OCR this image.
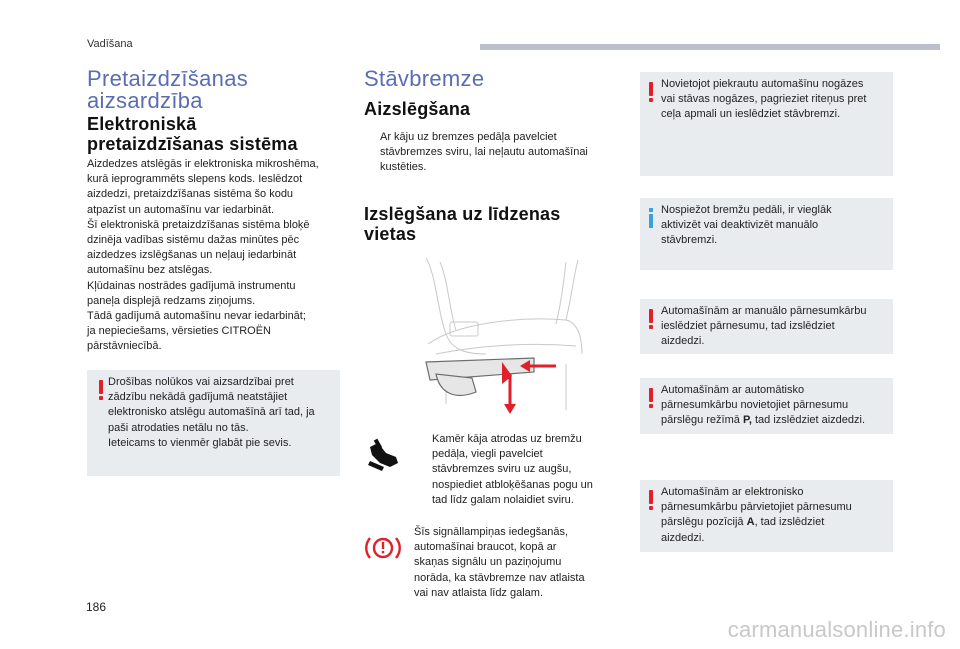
Vadīšana
Pretaizdzīšanas
aizsardzība
Elektroniskā
pretaizdzīšanas sistēma

Aizdedzes atslēgās ir elektroniska mikroshēma,

kurā ieprogrammēts slepens kods. Ieslēdzot

aizdedzi, pretaizdzīšanas sistēma šo kodu

atpazīst un automašīnu var iedarbināt.

Šī elektroniskā pretaizdzīšanas sistēma bloķē

dzinēja vadības sistēmu dažas minūtes pēc

aizdedzes izslēgšanas un neļauj iedarbināt

automašīnu bez atslēgas.

Kļūdainas nostrādes gadījumā instrumentu

paneļa displejā redzams ziņojums.

Tādā gadījumā automašīnu nevar iedarbināt;

ja nepieciešams, vērsieties CITROËN

pārstāvniecībā.

Drošības nolūkos vai aizsardzībai pret

zādzību nekādā gadījumā neatstājiet

elektronisko atslēgu automašīnā arī tad, ja

paši atrodaties netālu no tās.

Ieteicams to vienmēr glabāt pie sevis.

Stāvbremze
Aizslēgšana

Ar kāju uz bremzes pedāļa pavelciet

stāvbremzes sviru, lai neļautu automašīnai

kustēties.

Izslēgšana uz līdzenas
vietas

Kamēr kāja atrodas uz bremžu

pedāļa, viegli pavelciet

stāvbremzes sviru uz augšu,

nospiediet atbloķēšanas pogu un

tad līdz galam nolaidiet sviru.

Šīs signāllampiņas iedegšanās,

automašīnai braucot, kopā ar

skaņas signālu un paziņojumu

norāda, ka stāvbremze nav atlaista

vai nav atlaista līdz galam.

Novietojot piekrautu automašīnu nogāzes

vai stāvas nogāzes, pagrieziet riteņus pret

ceļa apmali un ieslēdziet stāvbremzi.

Nospiežot bremžu pedāli, ir vieglāk

aktivizēt vai deaktivizēt manuālo

stāvbremzi.

Automašīnām ar manuālo pārnesumkārbu

ieslēdziet pārnesumu, tad izslēdziet

aizdedzi.

Automašīnām ar automātisko

pārnesumkārbu novietojiet pārnesumu

pārslēgu režīmā P, tad izslēdziet aizdedzi.

Automašīnām ar elektronisko

pārnesumkārbu pārvietojiet pārnesumu

pārslēgu pozīcijā A, tad izslēdziet

aizdedzi.

186
carmanualsonline.info
